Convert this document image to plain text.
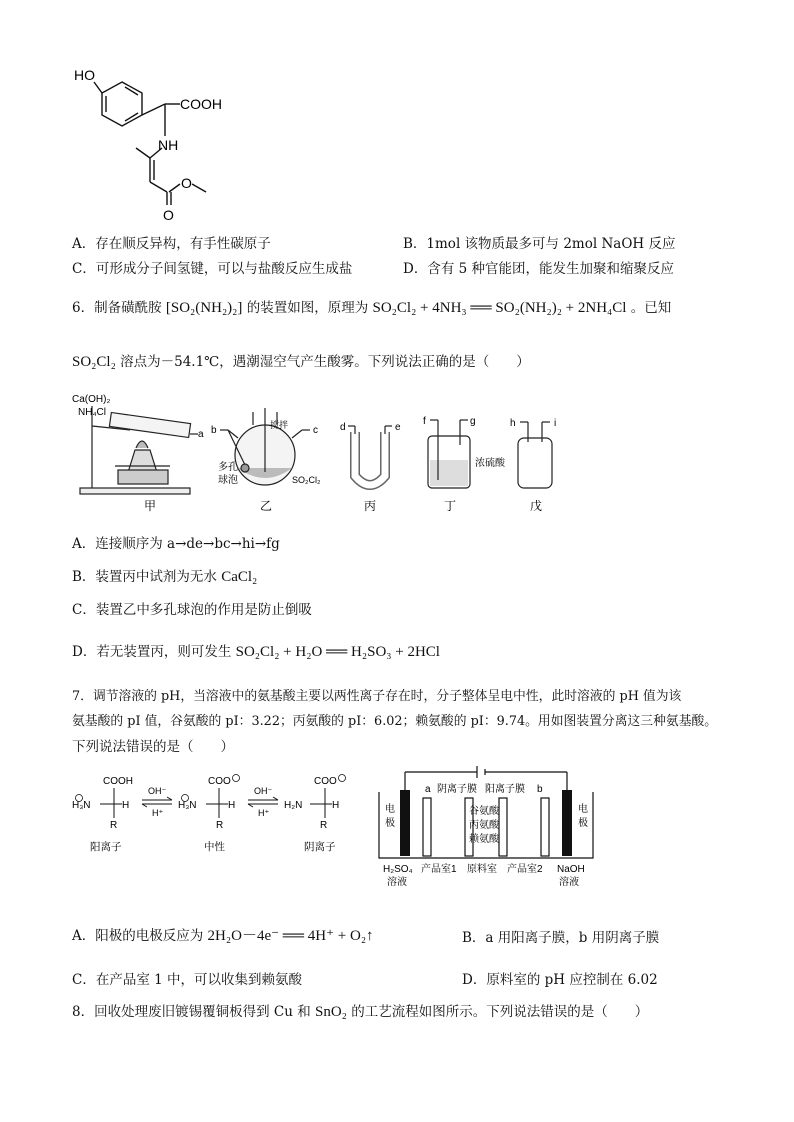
HO
COOH
NH
O
O
A．存在顺反异构，有手性碳原子	B．1mol 该物质最多可与 2mol NaOH 反应
C．可形成分子间氢键，可以与盐酸反应生成盐	D．含有 5 种官能团，能发生加聚和缩聚反应
6．制备磺酰胺 [SO₂(NH₂)₂] 的装置如图，原理为 SO₂Cl₂ + 4NH₃ ══ SO₂(NH₂)₂ + 2NH₄Cl 。已知
SO₂Cl₂ 溶点为－54.1℃，遇潮湿空气产生酸雾。下列说法正确的是（　　）
Ca(OH)₂
NH₄Cl
a b	c
搅拌
多孔
球泡	SO₂Cl₂
d	e
f	g
浓硫酸
h	i
甲	乙	丙	丁	戊
A．连接顺序为 a→de→bc→hi→fg
B．装置丙中试剂为无水 CaCl₂
C．装置乙中多孔球泡的作用是防止倒吸
D．若无装置丙，则可发生 SO₂Cl₂ + H₂O ══ H₂SO₃ + 2HCl
7．调节溶液的 pH，当溶液中的氨基酸主要以两性离子存在时，分子整体呈电中性，此时溶液的 pH 值为该
氨基酸的 pI 值，谷氨酸的 pI：3.22；丙氨酸的 pI：6.02；赖氨酸的 pI：9.74。用如图装置分离这三种氨基酸。
下列说法错误的是（　　）
COOH
H₃N	H
R
阳离子
COO
H₃N	H
R
中性
COO
H₂N	H
R
阴离子
OH⁻
H⁺
OH⁻
H⁺
a 阴离子膜 阳离子膜 b
电
极
电
极
谷氨酸
丙氨酸
赖氨酸
H₂SO₄
溶液
产品室1 原料室 产品室2 NaOH
溶液
A．阳极的电极反应为 2H₂O－4e⁻ ══ 4H⁺ + O₂↑	B．a 用阳离子膜，b 用阴离子膜
C．在产品室 1 中，可以收集到赖氨酸	D．原料室的 pH 应控制在 6.02
8．回收处理废旧镀锡覆铜板得到 Cu 和 SnO₂ 的工艺流程如图所示。下列说法错误的是（　　）
